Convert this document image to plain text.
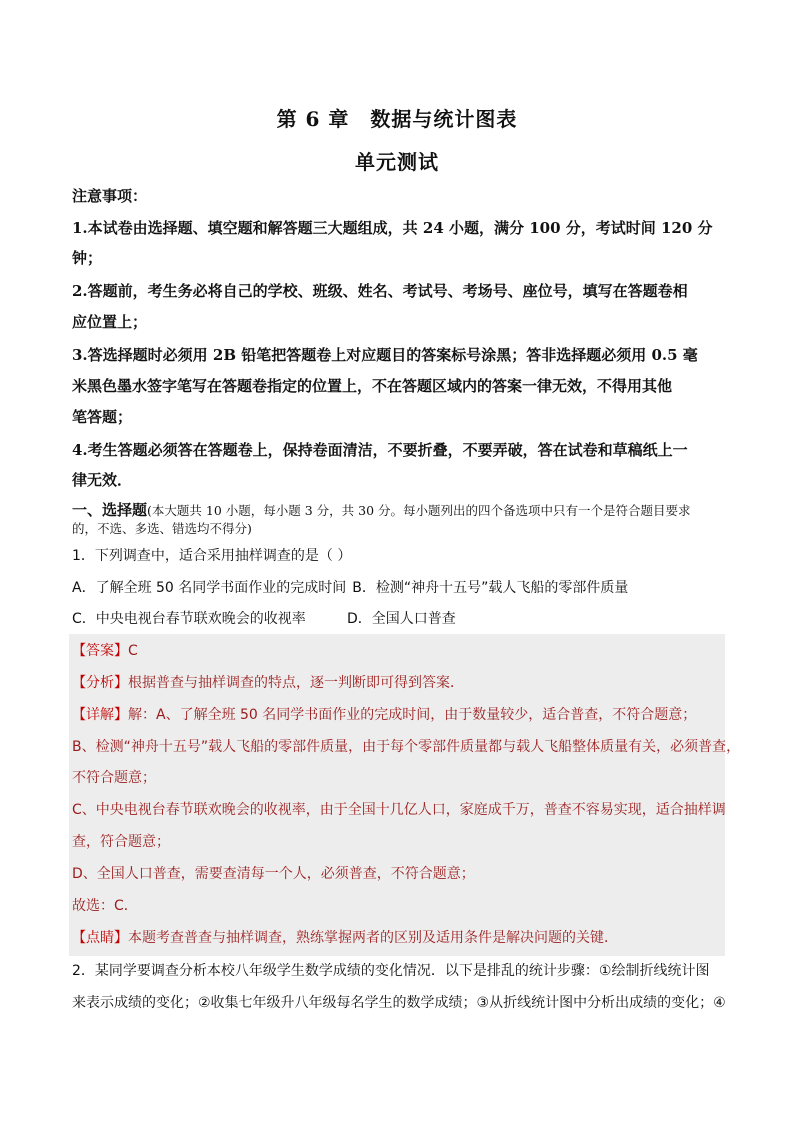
第 6 章　数据与统计图表
单元测试
注意事项：
1.本试卷由选择题、填空题和解答题三大题组成，共 24 小题，满分 100 分，考试时间 120 分
钟；
2.答题前，考生务必将自己的学校、班级、姓名、考试号、考场号、座位号，填写在答题卷相
应位置上；
3.答选择题时必须用 2B 铅笔把答题卷上对应题目的答案标号涂黑；答非选择题必须用 0.5 毫
米黑色墨水签字笔写在答题卷指定的位置上，不在答题区域内的答案一律无效，不得用其他
笔答题；
4.考生答题必须答在答题卷上，保持卷面清洁，不要折叠，不要弄破，答在试卷和草稿纸上一
律无效．
一、选择题(本大题共 10 小题，每小题 3 分，共 30 分。每小题列出的四个备选项中只有一个是符合题目要求
的，不选、多选、错选均不得分)
1．下列调查中，适合采用抽样调查的是（ ）
A．了解全班 50 名同学书面作业的完成时间 B．检测“神舟十五号”载人飞船的零部件质量
C．中央电视台春节联欢晚会的收视率	D．全国人口普查
【答案】C
【分析】根据普查与抽样调查的特点，逐一判断即可得到答案．
【详解】解：A、了解全班 50 名同学书面作业的完成时间，由于数量较少，适合普查，不符合题意；
B、检测“神舟十五号”载人飞船的零部件质量，由于每个零部件质量都与载人飞船整体质量有关，必须普查，
不符合题意；
C、中央电视台春节联欢晚会的收视率，由于全国十几亿人口，家庭成千万，普查不容易实现，适合抽样调
查，符合题意；
D、全国人口普查，需要查清每一个人，必须普查，不符合题意；
故选：C．
【点睛】本题考查普查与抽样调查，熟练掌握两者的区别及适用条件是解决问题的关键．
2．某同学要调查分析本校八年级学生数学成绩的变化情况．以下是排乱的统计步骤：①绘制折线统计图
来表示成绩的变化；②收集七年级升八年级每名学生的数学成绩；③从折线统计图中分析出成绩的变化；④
